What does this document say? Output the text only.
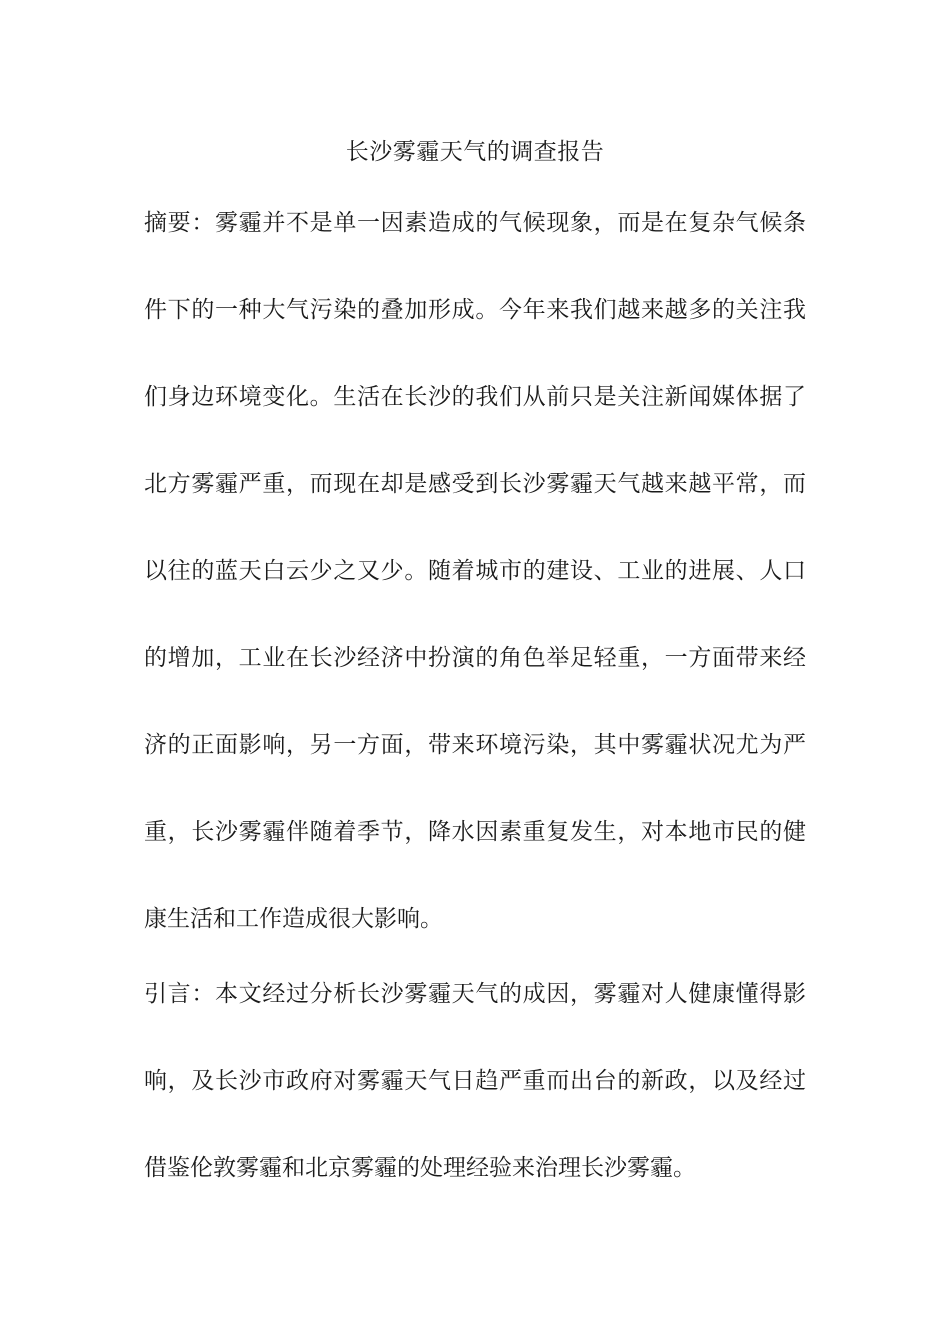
长沙雾霾天气的调查报告
摘要：雾霾并不是单一因素造成的气候现象，而是在复杂气候条
件下的一种大气污染的叠加形成。今年来我们越来越多的关注我
们身边环境变化。生活在长沙的我们从前只是关注新闻媒体据了
北方雾霾严重，而现在却是感受到长沙雾霾天气越来越平常，而
以往的蓝天白云少之又少。随着城市的建设、工业的进展、人口
的增加，工业在长沙经济中扮演的角色举足轻重，一方面带来经
济的正面影响，另一方面，带来环境污染，其中雾霾状况尤为严
重，长沙雾霾伴随着季节，降水因素重复发生，对本地市民的健
康生活和工作造成很大影响。
引言：本文经过分析长沙雾霾天气的成因，雾霾对人健康懂得影
响，及长沙市政府对雾霾天气日趋严重而出台的新政，以及经过
借鉴伦敦雾霾和北京雾霾的处理经验来治理长沙雾霾。
